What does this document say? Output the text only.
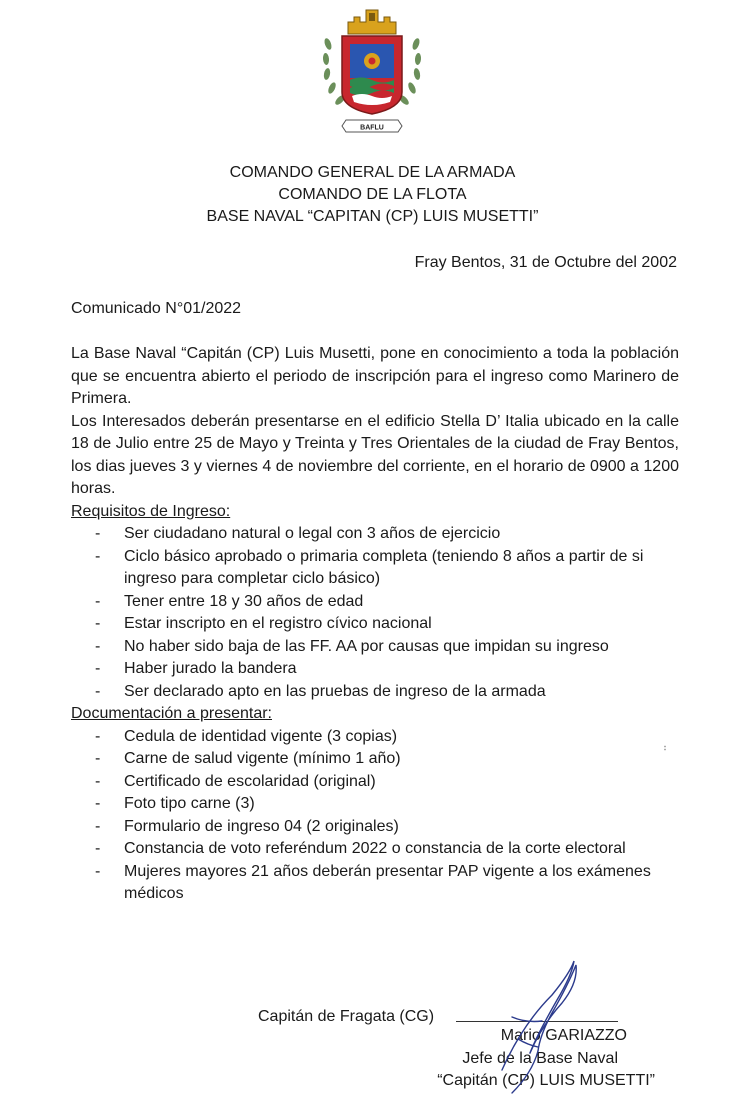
BAFLU
COMANDO GENERAL DE LA ARMADA
COMANDO DE LA FLOTA
BASE NAVAL “CAPITAN (CP) LUIS MUSETTI”
Fray Bentos, 31 de Octubre del 2002
Comunicado N°01/2022

La Base Naval “Capitán (CP) Luis Musetti, pone en conocimiento a toda la población que se encuentra abierto el periodo de inscripción para el ingreso como Marinero de Primera.

Los Interesados deberán presentarse en el edificio Stella D’ Italia ubicado en la calle 18 de Julio entre 25 de Mayo y Treinta y Tres Orientales de la ciudad de Fray Bentos, los dias jueves 3 y viernes 4 de noviembre del corriente, en el horario de 0900 a 1200 horas.

Requisitos de Ingreso:

- Ser ciudadano natural o legal con 3 años de ejercicio
- Ciclo básico aprobado o primaria completa (teniendo 8 años a partir de si ingreso para completar ciclo básico)
- Tener entre 18 y 30 años de edad
- Estar inscripto en el registro cívico nacional
- No haber sido baja de las FF. AA por causas que impidan su ingreso
- Haber jurado la bandera
- Ser declarado apto en las pruebas de ingreso de la armada

Documentación a presentar:

- Cedula de identidad vigente (3 copias)
- Carne de salud vigente (mínimo 1 año)
- Certificado de escolaridad (original)
- Foto tipo carne (3)
- Formulario de ingreso 04 (2 originales)
- Constancia de voto referéndum 2022 o constancia de la corte electoral
- Mujeres mayores 21 años deberán presentar PAP vigente a los exámenes médicos
Capitán de Fragata (CG)
Mario GARIAZZO
Jefe de la Base Naval
“Capitán (CP) LUIS MUSETTI”
